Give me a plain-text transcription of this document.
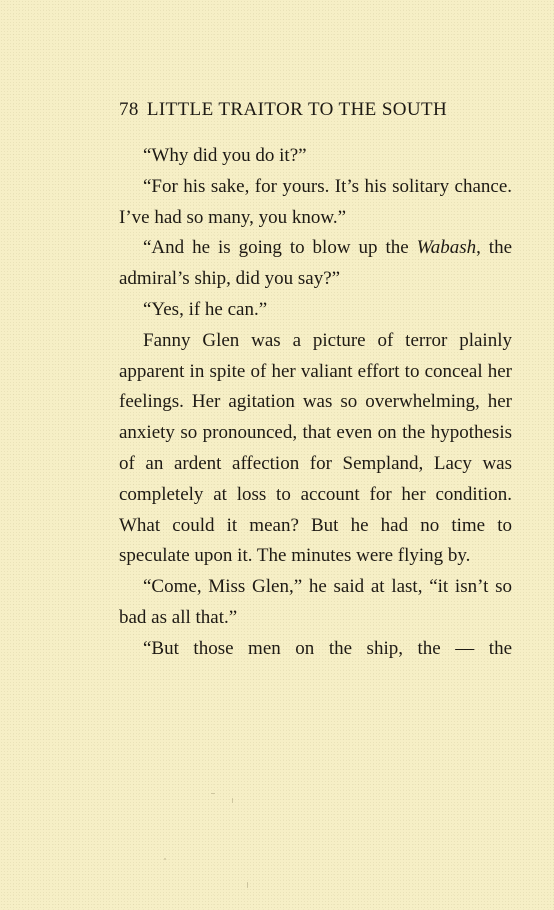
78 LITTLE TRAITOR TO THE SOUTH

“Why did you do it?”

“For his sake, for yours. It’s his solitary chance. I’ve had so many, you know.”

“And he is going to blow up the Wabash, the admiral’s ship, did you say?”

“Yes, if he can.”

Fanny Glen was a picture of terror plainly apparent in spite of her valiant effort to conceal her feelings. Her agitation was so overwhelming, her anxiety so pronounced, that even on the hypothesis of an ardent affection for Sempland, Lacy was completely at loss to account for her condition. What could it mean? But he had no time to speculate upon it. The minutes were flying by.

“Come, Miss Glen,” he said at last, “it isn’t so bad as all that.”

“But those men on the ship, the — the
